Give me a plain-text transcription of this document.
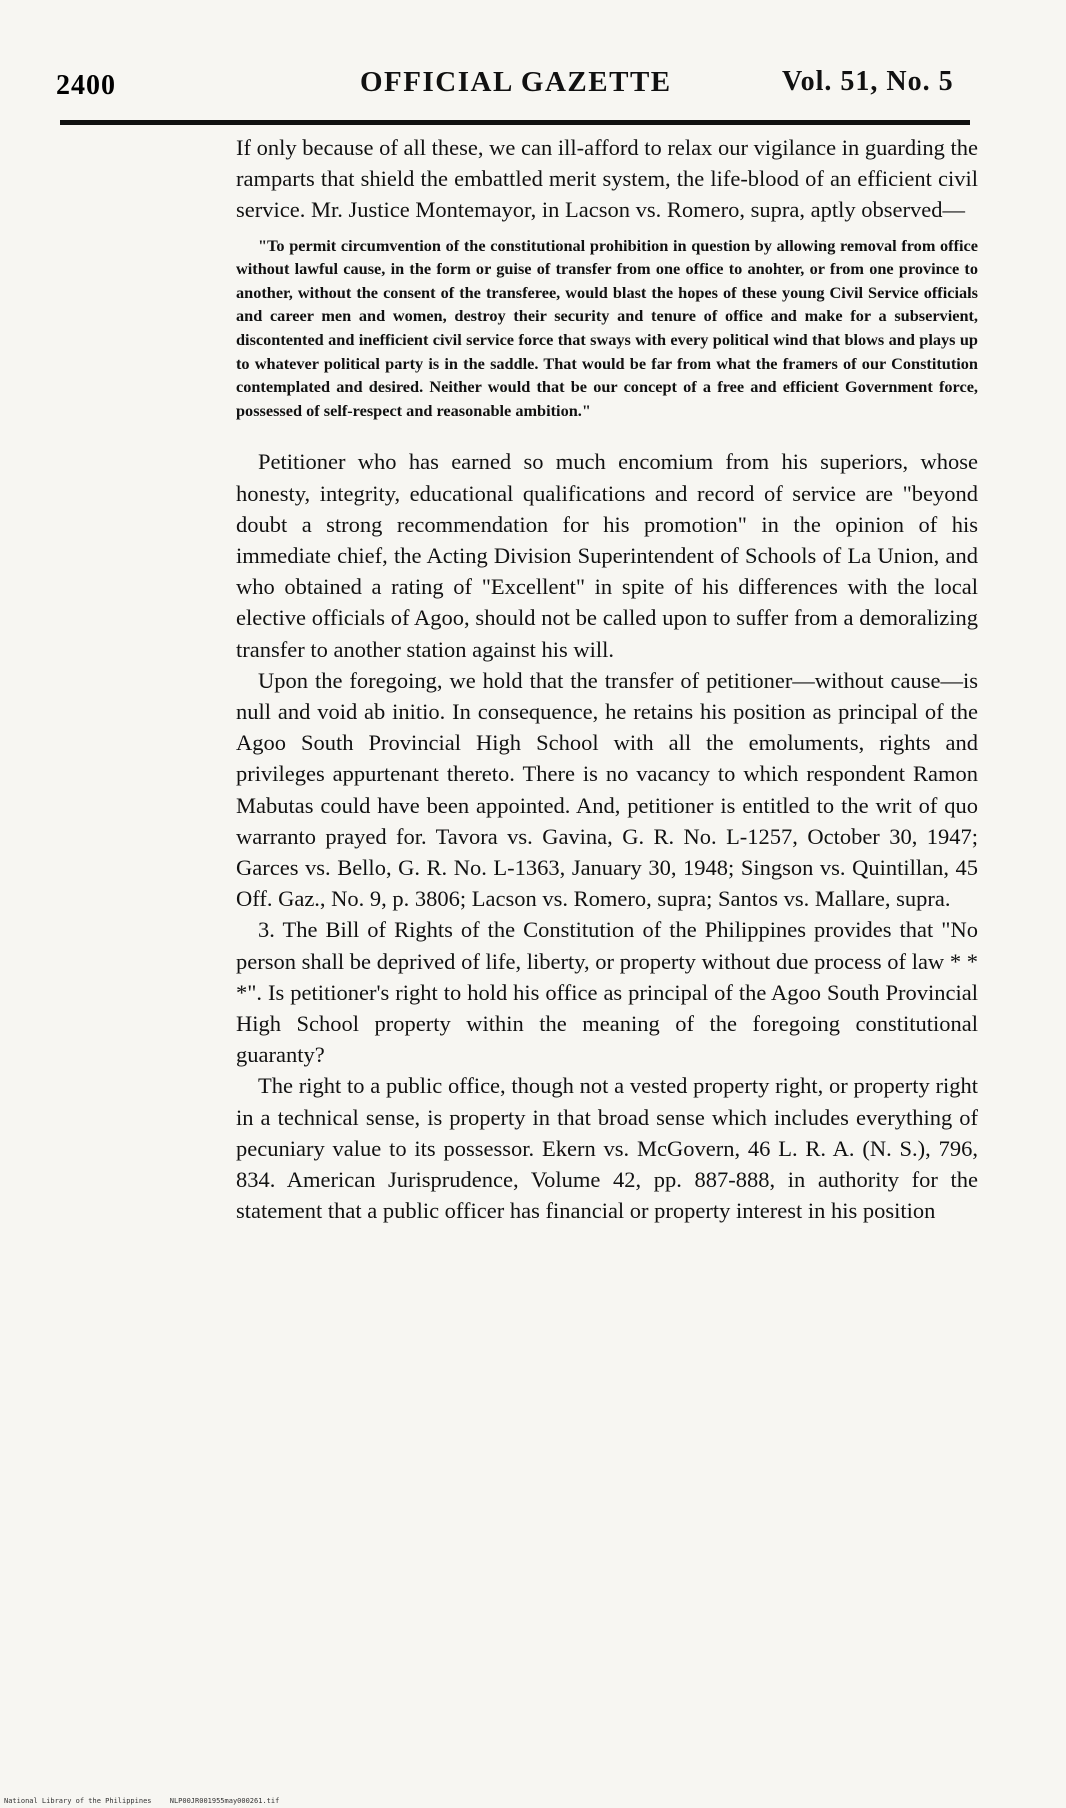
2400	OFFICIAL GAZETTE	Vol. 51, No. 5

If only because of all these, we can ill-afford to relax our vigilance in guarding the ramparts that shield the embattled merit system, the life-blood of an efficient civil service. Mr. Justice Montemayor, in Lacson vs. Romero, supra, aptly observed—

"To permit circumvention of the constitutional prohibition in question by allowing removal from office without lawful cause, in the form or guise of transfer from one office to anohter, or from one province to another, without the consent of the transferee, would blast the hopes of these young Civil Service officials and career men and women, destroy their security and tenure of office and make for a subservient, discontented and inefficient civil service force that sways with every political wind that blows and plays up to whatever political party is in the saddle. That would be far from what the framers of our Constitution contemplated and desired. Neither would that be our concept of a free and efficient Government force, possessed of self-respect and reasonable ambition."

Petitioner who has earned so much encomium from his superiors, whose honesty, integrity, educational qualifications and record of service are "beyond doubt a strong recommendation for his promotion" in the opinion of his immediate chief, the Acting Division Superintendent of Schools of La Union, and who obtained a rating of "Excellent" in spite of his differences with the local elective officials of Agoo, should not be called upon to suffer from a demoralizing transfer to another station against his will.

Upon the foregoing, we hold that the transfer of petitioner—without cause—is null and void ab initio. In consequence, he retains his position as principal of the Agoo South Provincial High School with all the emoluments, rights and privileges appurtenant thereto. There is no vacancy to which respondent Ramon Mabutas could have been appointed. And, petitioner is entitled to the writ of quo warranto prayed for. Tavora vs. Gavina, G. R. No. L-1257, October 30, 1947; Garces vs. Bello, G. R. No. L-1363, January 30, 1948; Singson vs. Quintillan, 45 Off. Gaz., No. 9, p. 3806; Lacson vs. Romero, supra; Santos vs. Mallare, supra.

3. The Bill of Rights of the Constitution of the Philippines provides that "No person shall be deprived of life, liberty, or property without due process of law * * *". Is petitioner's right to hold his office as principal of the Agoo South Provincial High School property within the meaning of the foregoing constitutional guaranty?

The right to a public office, though not a vested property right, or property right in a technical sense, is property in that broad sense which includes everything of pecuniary value to its possessor. Ekern vs. McGovern, 46 L. R. A. (N. S.), 796, 834. American Jurisprudence, Volume 42, pp. 887-888, in authority for the statement that a public officer has financial or property interest in his position

National Library of the Philippines	NLP00JR001955may000261.tif
